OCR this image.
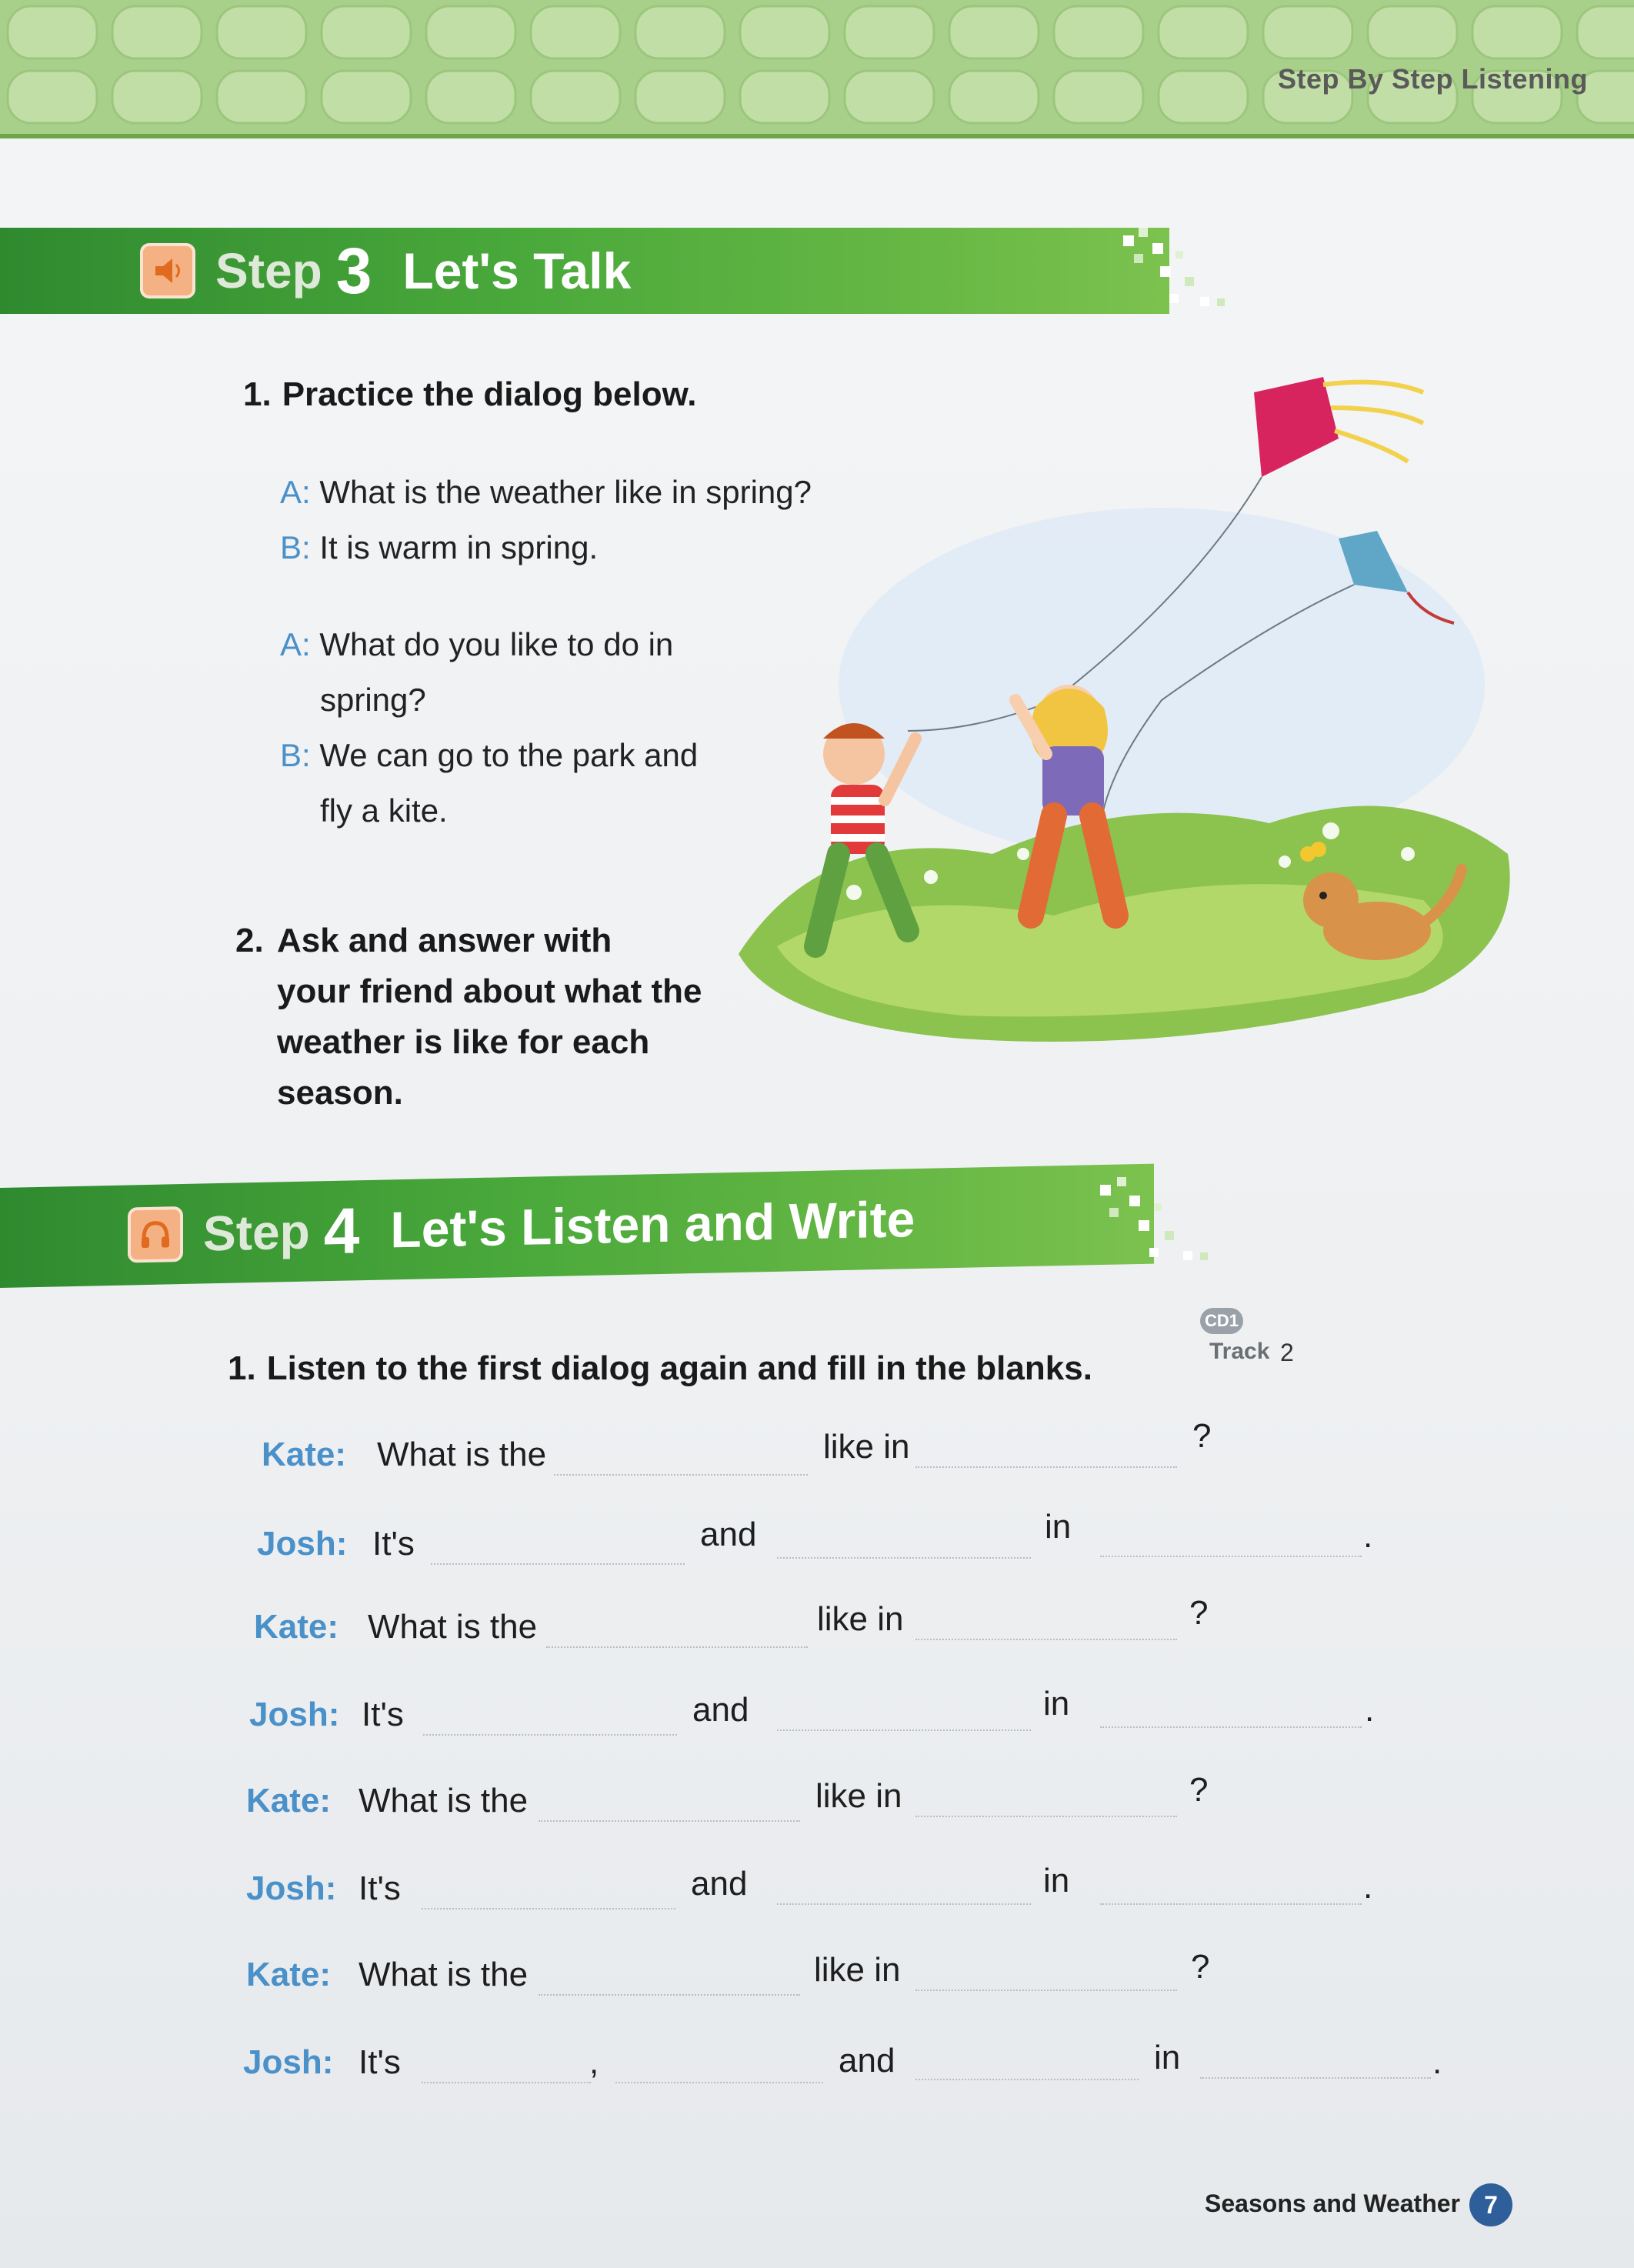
Step By Step Listening
Step 3 Let's Talk
1. Practice the dialog below.
A: What is the weather like in spring?
B: It is warm in spring.
A: What do you like to do in
spring?
B: We can go to the park and
fly a kite.
2. Ask and answer with
your friend about what the
weather is like for each
season.
Step 4 Let's Listen and Write
1. Listen to the first dialog again and fill in the blanks.
CD1
Track 2
Kate: What is the	like in	?
Josh: It's	and	in	.
Kate: What is the	like in	?
Josh: It's	and	in	.
Kate: What is the	like in	?
Josh: It's	and	in	.
Kate: What is the	like in	?
Josh: It's	,	and	in	.
Seasons and Weather 7
